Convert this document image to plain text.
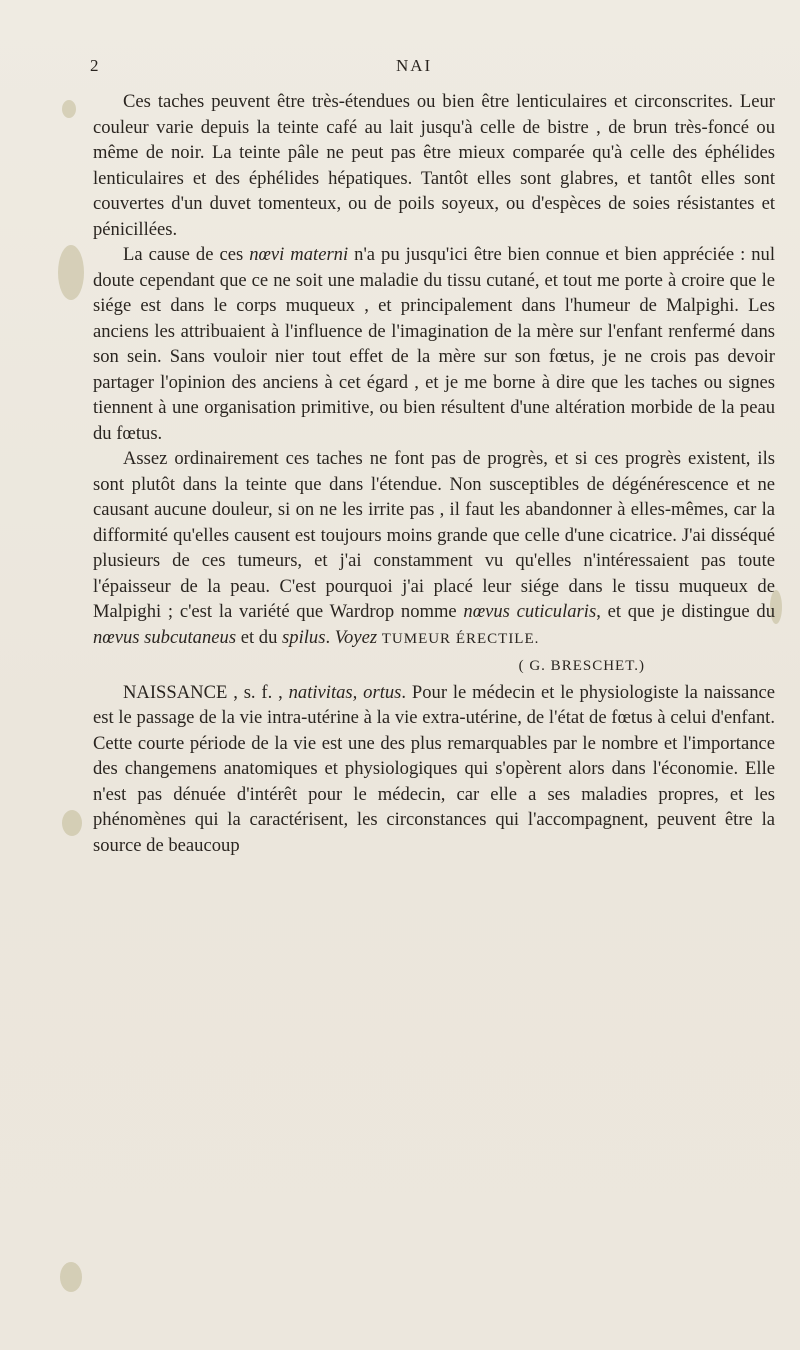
2	NAI

Ces taches peuvent être très-étendues ou bien être lenticulaires et circonscrites. Leur couleur varie depuis la teinte café au lait jusqu'à celle de bistre , de brun très-foncé ou même de noir. La teinte pâle ne peut pas être mieux comparée qu'à celle des éphélides lenticulaires et des éphélides hépatiques. Tantôt elles sont glabres, et tantôt elles sont couvertes d'un duvet tomenteux, ou de poils soyeux, ou d'espèces de soies résistantes et pénicillées.

La cause de ces nœvi materni n'a pu jusqu'ici être bien connue et bien appréciée : nul doute cependant que ce ne soit une maladie du tissu cutané, et tout me porte à croire que le siége est dans le corps muqueux , et principalement dans l'humeur de Malpighi. Les anciens les attribuaient à l'influence de l'imagination de la mère sur l'enfant renfermé dans son sein. Sans vouloir nier tout effet de la mère sur son fœtus, je ne crois pas devoir partager l'opinion des anciens à cet égard , et je me borne à dire que les taches ou signes tiennent à une organisation primitive, ou bien résultent d'une altération morbide de la peau du fœtus.

Assez ordinairement ces taches ne font pas de progrès, et si ces progrès existent, ils sont plutôt dans la teinte que dans l'étendue. Non susceptibles de dégénérescence et ne causant aucune douleur, si on ne les irrite pas , il faut les abandonner à elles-mêmes, car la difformité qu'elles causent est toujours moins grande que celle d'une cicatrice. J'ai disséqué plusieurs de ces tumeurs, et j'ai constamment vu qu'elles n'intéressaient pas toute l'épaisseur de la peau. C'est pourquoi j'ai placé leur siége dans le tissu muqueux de Malpighi ; c'est la variété que Wardrop nomme nœvus cuticularis, et que je distingue du nœvus subcutaneus et du spilus. Voyez TUMEUR ÉRECTILE.

( G. BRESCHET.)

NAISSANCE , s. f. , nativitas, ortus. Pour le médecin et le physiologiste la naissance est le passage de la vie intra-utérine à la vie extra-utérine, de l'état de fœtus à celui d'enfant. Cette courte période de la vie est une des plus remarquables par le nombre et l'importance des changemens anatomiques et physiologiques qui s'opèrent alors dans l'économie. Elle n'est pas dénuée d'intérêt pour le médecin, car elle a ses maladies propres, et les phénomènes qui la caractérisent, les circonstances qui l'accompagnent, peuvent être la source de beaucoup
